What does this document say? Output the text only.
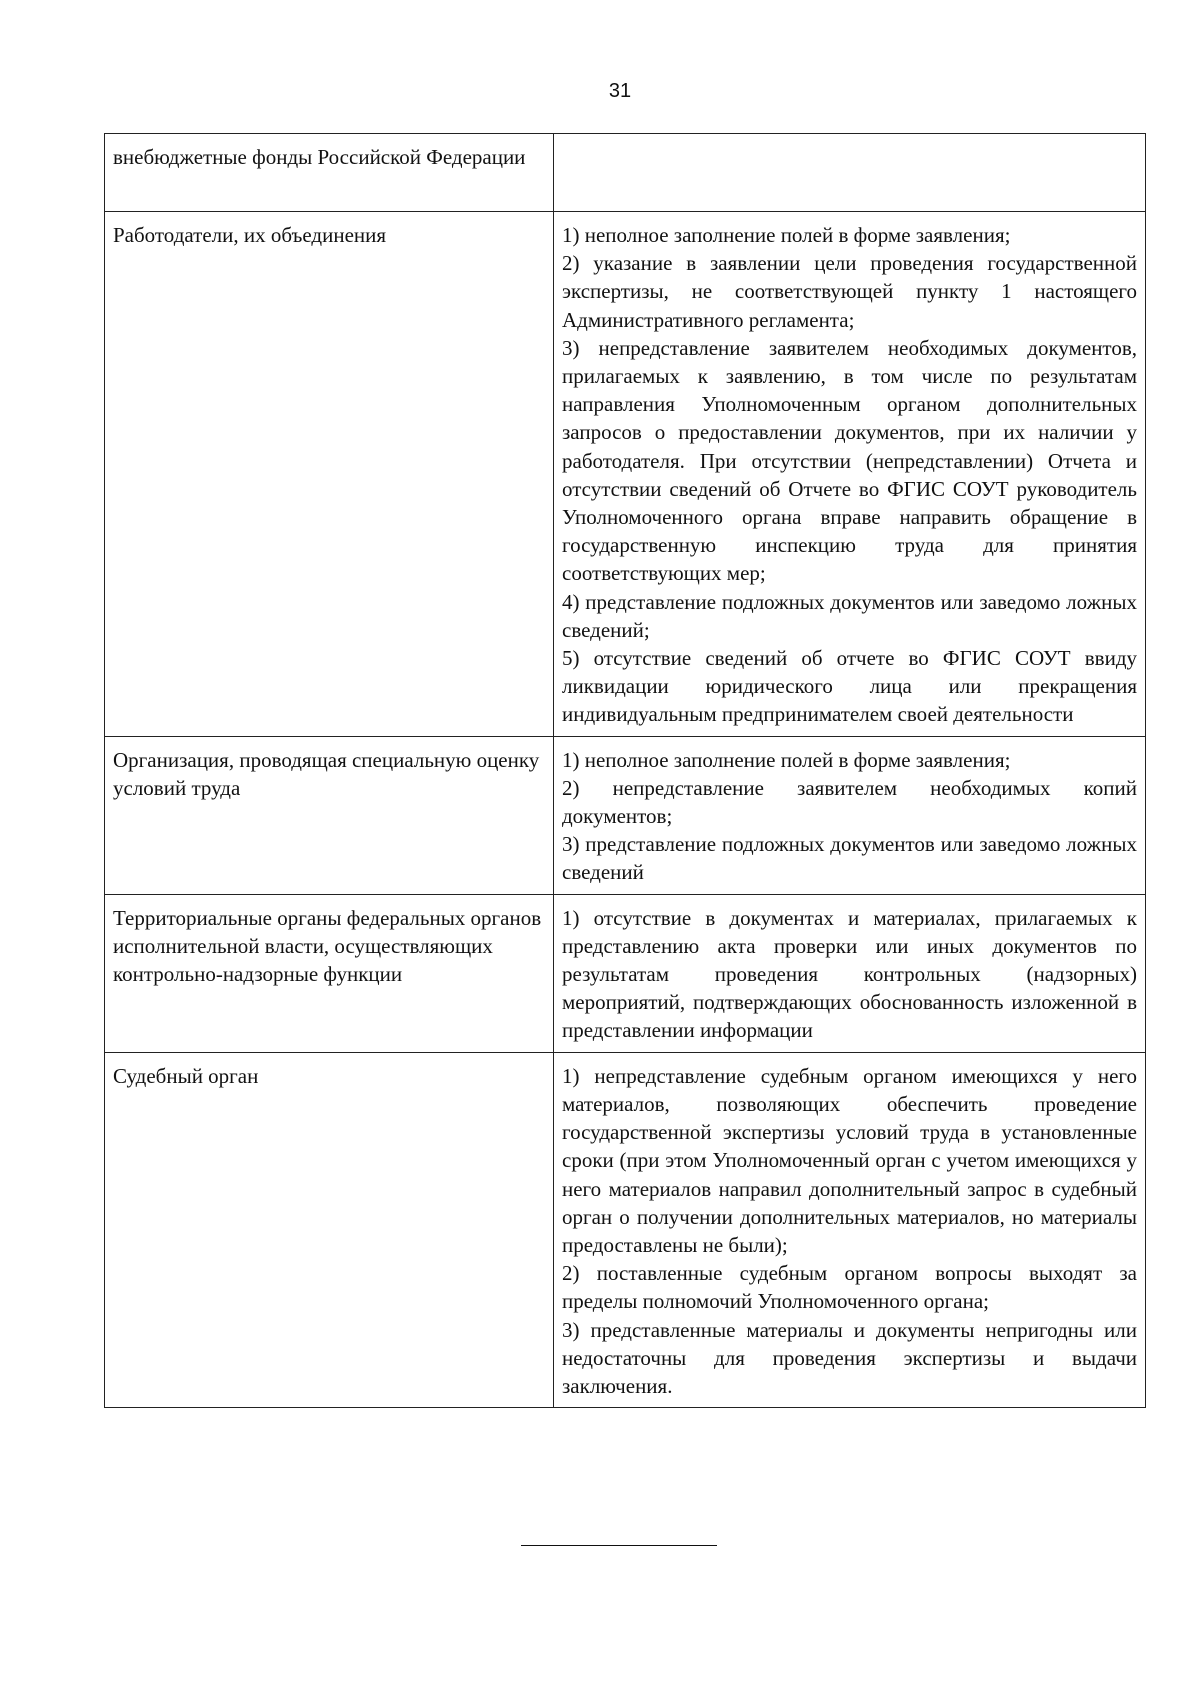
31
внебюджетные фонды Российской Федерации	
Работодатели, их объединения	1) неполное заполнение полей в форме заявления;
2) указание в заявлении цели проведения государственной экспертизы, не соответствующей пункту 1 настоящего Административного регламента;
3) непредставление заявителем необходимых документов, прилагаемых к заявлению, в том числе по результатам направления Уполномоченным органом дополнительных запросов о предоставлении документов, при их наличии у работодателя. При отсутствии (непредставлении) Отчета и отсутствии сведений об Отчете во ФГИС СОУТ руководитель Уполномоченного органа вправе направить обращение в государственную инспекцию труда для принятия соответствующих мер;
4) представление подложных документов или заведомо ложных сведений;
5) отсутствие сведений об отчете во ФГИС СОУТ ввиду ликвидации юридического лица или прекращения индивидуальным предпринимателем своей деятельности

Организация, проводящая специальную оценку условий труда	1) неполное заполнение полей в форме заявления;
2) непредставление заявителем необходимых копий документов;
3) представление подложных документов или заведомо ложных сведений

Территориальные органы федеральных органов исполнительной власти, осуществляющих контрольно-надзорные функции	1) отсутствие в документах и материалах, прилагаемых к представлению акта проверки или иных документов по результатам проведения контрольных (надзорных) мероприятий, подтверждающих обоснованность изложенной в представлении информации

Судебный орган	1) непредставление судебным органом имеющихся у него материалов, позволяющих обеспечить проведение государственной экспертизы условий труда в установленные сроки (при этом Уполномоченный орган с учетом имеющихся у него материалов направил дополнительный запрос в судебный орган о получении дополнительных материалов, но материалы предоставлены не были);
2) поставленные судебным органом вопросы выходят за пределы полномочий Уполномоченного органа;
3) представленные материалы и документы непригодны или недостаточны для проведения экспертизы и выдачи заключения.
